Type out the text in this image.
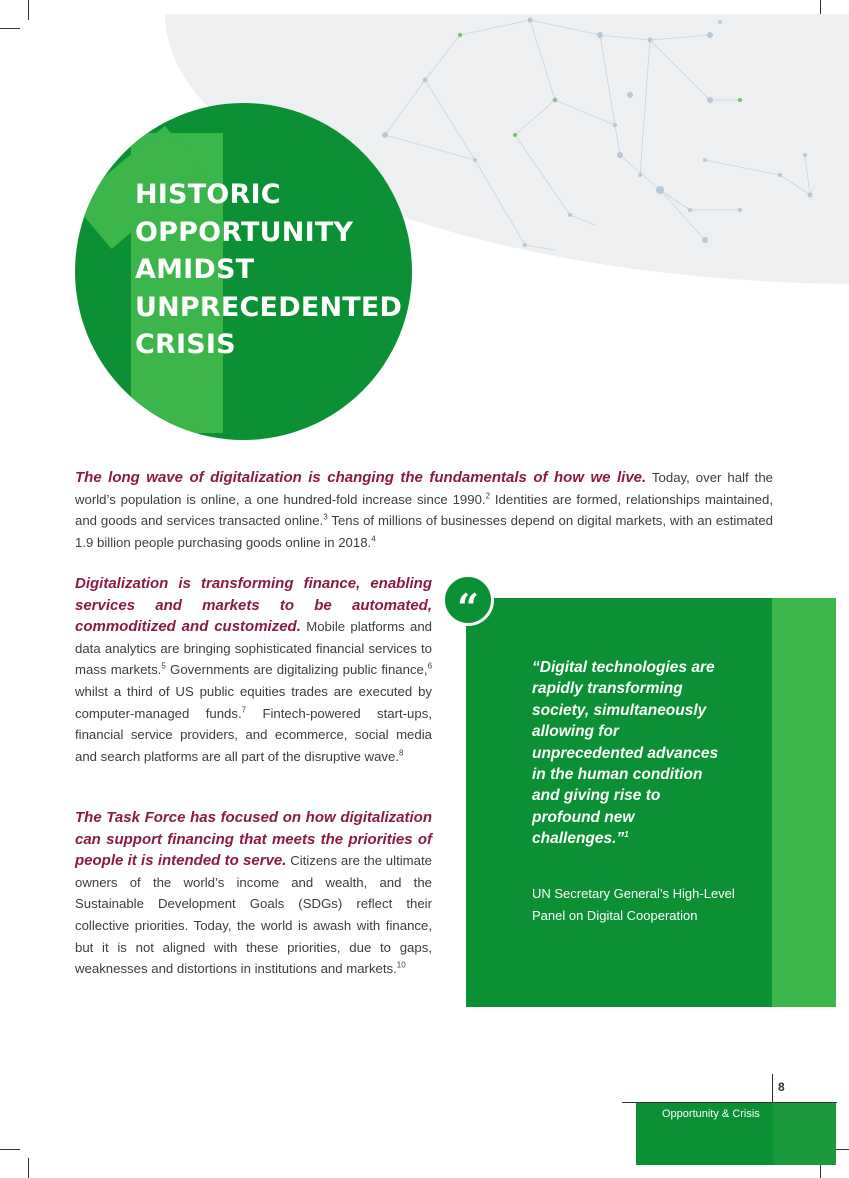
HISTORIC
OPPORTUNITY
AMIDST
UNPRECEDENTED
CRISIS

The long wave of digitalization is changing the fundamentals of how we live. Today, over half the world’s population is online, a one hundred-fold increase since 1990.$^2$ Identities are formed, relationships maintained, and goods and services transacted online.$^3$ Tens of millions of businesses depend on digital markets, with an estimated 1.9 billion people purchasing goods online in 2018.$^4$

Digitalization is transforming finance, enabling services and markets to be automated, commoditized and customized. Mobile platforms and data analytics are bringing sophisticated financial services to mass markets.$^5$ Governments are digitalizing public finance,$^6$ whilst a third of US public equities trades are executed by computer-managed funds.$^7$ Fintech-powered start-ups, financial service providers, and ecommerce, social media and search platforms are all part of the disruptive wave.$^8$

The Task Force has focused on how digitalization can support financing that meets the priorities of people it is intended to serve. Citizens are the ultimate owners of the world’s income and wealth, and the Sustainable Development Goals (SDGs) reflect their collective priorities. Today, the world is awash with finance, but it is not aligned with these priorities, due to gaps, weaknesses and distortions in institutions and markets.$^{10}$

“

“Digital technologies are rapidly transforming society, simultaneously allowing for unprecedented advances in the human condition and giving rise to profound new challenges.”$^1$

UN Secretary General’s High-Level Panel on Digital Cooperation

8
Opportunity & Crisis
